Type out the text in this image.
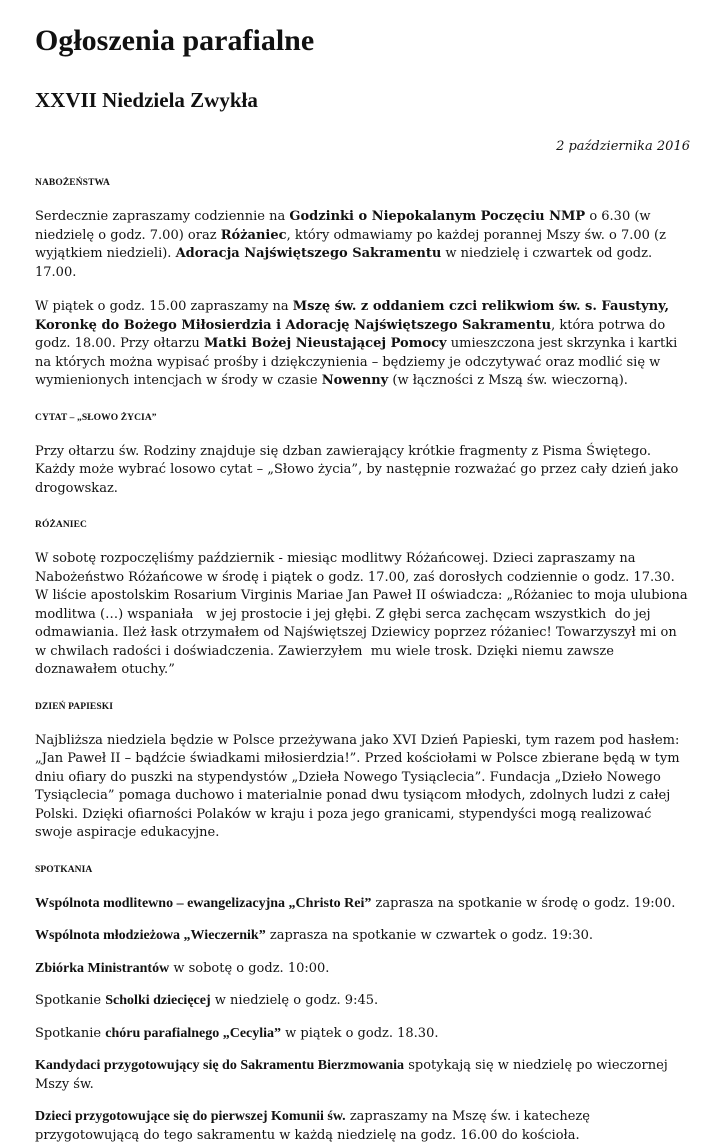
Ogłoszenia parafialne
XXVII Niedziela Zwykła
2 października 2016
NABOŻEŃSTWA

Serdecznie zapraszamy codziennie na Godzinki o Niepokalanym Poczęciu NMP o 6.30 (w niedzielę o godz. 7.00) oraz Różaniec, który odmawiamy po każdej porannej Mszy św. o 7.00 (z wyjątkiem niedzieli). Adoracja Najświętszego Sakramentu w niedzielę i czwartek od godz. 17.00.

W piątek o godz. 15.00 zapraszamy na Mszę św. z oddaniem czci relikwiom św. s. Faustyny, Koronkę do Bożego Miłosierdzia i Adorację Najświętszego Sakramentu, która potrwa do godz. 18.00. Przy ołtarzu Matki Bożej Nieustającej Pomocy umieszczona jest skrzynka i kartki na których można wypisać prośby i dziękczynienia – będziemy je odczytywać oraz modlić się w wymienionych intencjach w środy w czasie Nowenny (w łączności z Mszą św. wieczorną).

CYTAT – „SŁOWO ŻYCIA”

Przy ołtarzu św. Rodziny znajduje się dzban zawierający krótkie fragmenty z Pisma Świętego. Każdy może wybrać losowo cytat – „Słowo życia”, by następnie rozważać go przez cały dzień jako drogowskaz.

RÓŻANIEC

W sobotę rozpoczęliśmy październik - miesiąc modlitwy Różańcowej. Dzieci zapraszamy na Nabożeństwo Różańcowe w środę i piątek o godz. 17.00, zaś dorosłych codziennie o godz. 17.30. W liście apostolskim Rosarium Virginis Mariae Jan Paweł II oświadcza: „Różaniec to moja ulubiona modlitwa (…) wspaniała   w jej prostocie i jej głębi. Z głębi serca zachęcam wszystkich  do jej odmawiania. Ileż łask otrzymałem od Najświętszej Dziewicy poprzez różaniec! Towarzyszył mi on w chwilach radości i doświadczenia. Zawierzyłem  mu wiele trosk. Dzięki niemu zawsze doznawałem otuchy.”

DZIEŃ PAPIESKI

Najbliższa niedziela będzie w Polsce przeżywana jako XVI Dzień Papieski, tym razem pod hasłem: „Jan Paweł II – bądźcie świadkami miłosierdzia!”. Przed kościołami w Polsce zbierane będą w tym dniu ofiary do puszki na stypendystów „Dzieła Nowego Tysiąclecia”. Fundacja „Dzieło Nowego Tysiąclecia” pomaga duchowo i materialnie ponad dwu tysiącom młodych, zdolnych ludzi z całej Polski. Dzięki ofiarności Polaków w kraju i poza jego granicami, stypendyści mogą realizować swoje aspiracje edukacyjne.

SPOTKANIA

Wspólnota modlitewno – ewangelizacyjna „Christo Rei” zaprasza na spotkanie w środę o godz. 19:00.

Wspólnota młodzieżowa „Wieczernik” zaprasza na spotkanie w czwartek o godz. 19:30.

Zbiórka Ministrantów w sobotę o godz. 10:00.

Spotkanie Scholki dziecięcej w niedzielę o godz. 9:45.

Spotkanie chóru parafialnego „Cecylia” w piątek o godz. 18.30.

Kandydaci przygotowujący się do Sakramentu Bierzmowania spotykają się w niedzielę po wieczornej Mszy św.

Dzieci przygotowujące się do pierwszej Komunii św. zapraszamy na Mszę św. i katechezę przygotowującą do tego sakramentu w każdą niedzielę na godz. 16.00 do kościoła.
